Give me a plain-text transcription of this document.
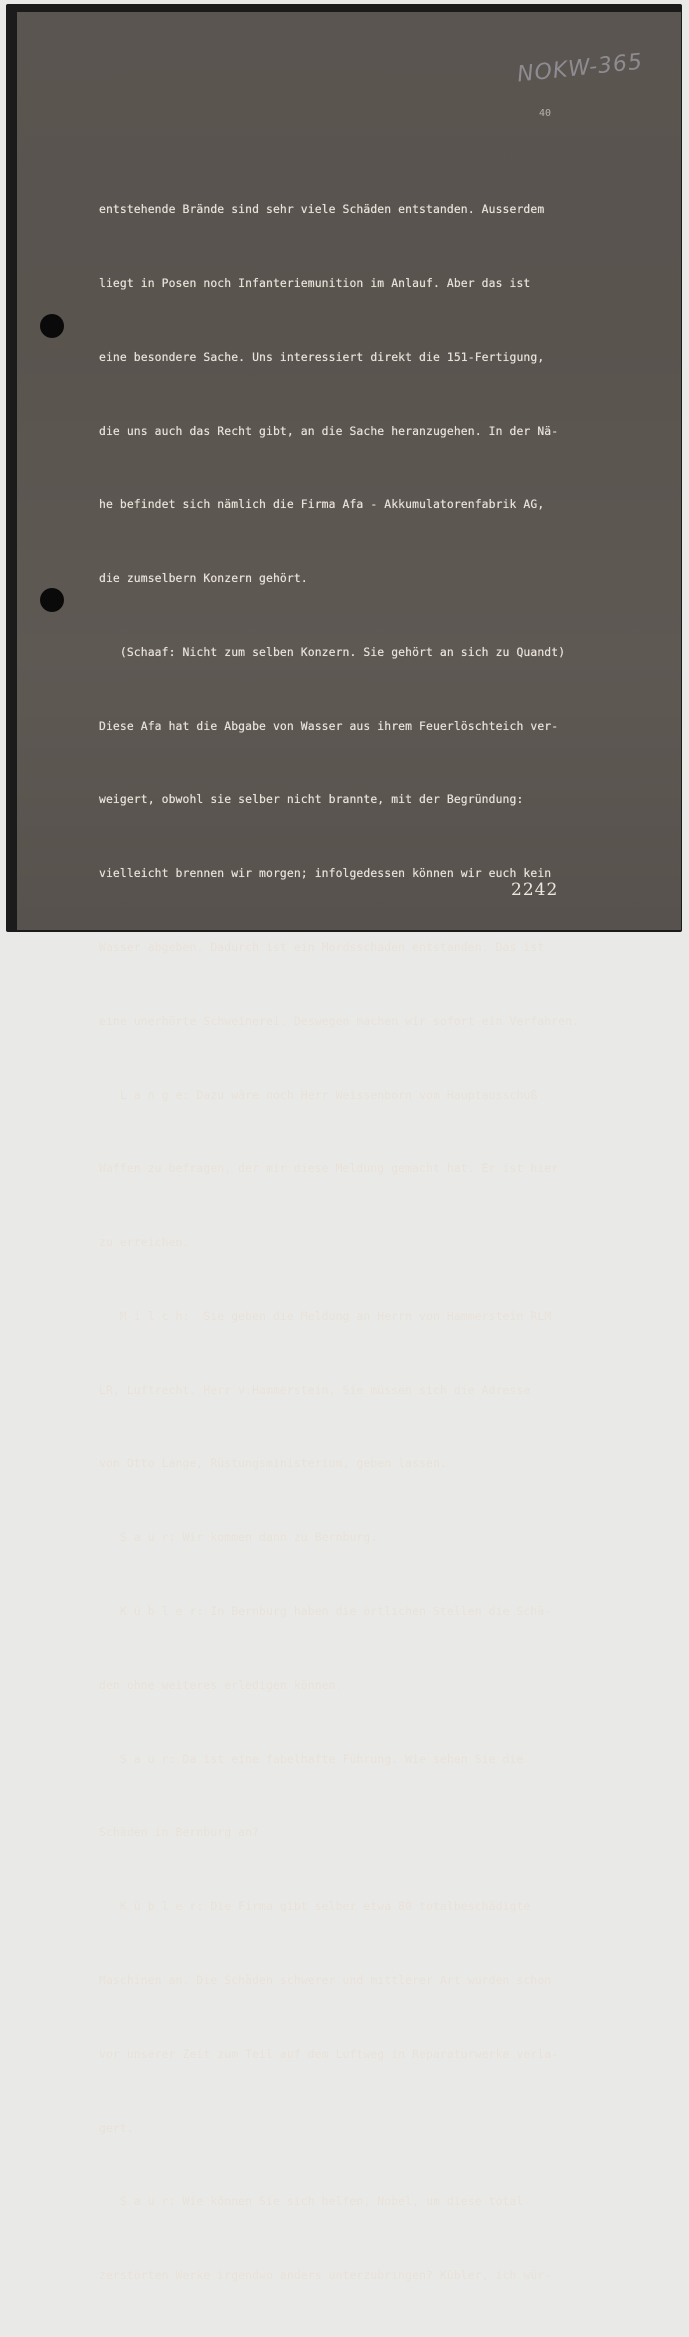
NOKW-365
40

entstehende Brände sind sehr viele Schäden entstanden. Ausserdem

liegt in Posen noch Infanteriemunition im Anlauf. Aber das ist

eine besondere Sache. Uns interessiert direkt die 151-Fertigung,

die uns auch das Recht gibt, an die Sache heranzugehen. In der Nä-

he befindet sich nämlich die Firma Afa - Akkumulatorenfabrik AG,

die zumselbern Konzern gehört.

(Schaaf: Nicht zum selben Konzern. Sie gehört an sich zu Quandt)

Diese Afa hat die Abgabe von Wasser aus ihrem Feuerlöschteich ver-

weigert, obwohl sie selber nicht brannte, mit der Begründung:

vielleicht brennen wir morgen; infolgedessen können wir euch kein

Wasser abgeben. Dadurch ist ein Mordsschaden entstanden. Das ist

eine unerhörte Schweinerei. Deswegen machen wir sofort ein Verfahren.

L a n g e: Dazu wäre noch Herr Weissenborn vom Hauptausschuß

Waffen zu befragen, der mir diese Meldung gemacht hat. Er ist hier

zu erreichen.

M i l c h:  Sie geben die Meldung an Herrn von Hammerstein RLM

LR, Luftrecht. Herr v.Hammerstein, Sie müssen sich die Adresse

von Otto Lange, Rüstungsministerium, geben lassen.

S a u r: Wir kommen dann zu Bernburg.

K ü b l e r: In Bernburg haben die örtlichen Stellen die Schä-

den ohne weiteres erledigen können.

S a u r: Da ist eine fabelhafte Führung. Wie sehen Sie die

Schäden in Bernburg an?

K ü b l e r: Die Firma gibt selber etwa 80 totalbeschädigte

Maschinen an. Die Schäden schwerer und mittlerer Art wurden schon

vor unserer Zeit zum Teil auf dem Luftweg in Reparaturwerke verla-

gert.

S a u r: Wie können Sie sich helfen, Nobel, um diese total

zerstörten Werke irgendwo anders unterzubringen? Kübler, ich wür-

2242
